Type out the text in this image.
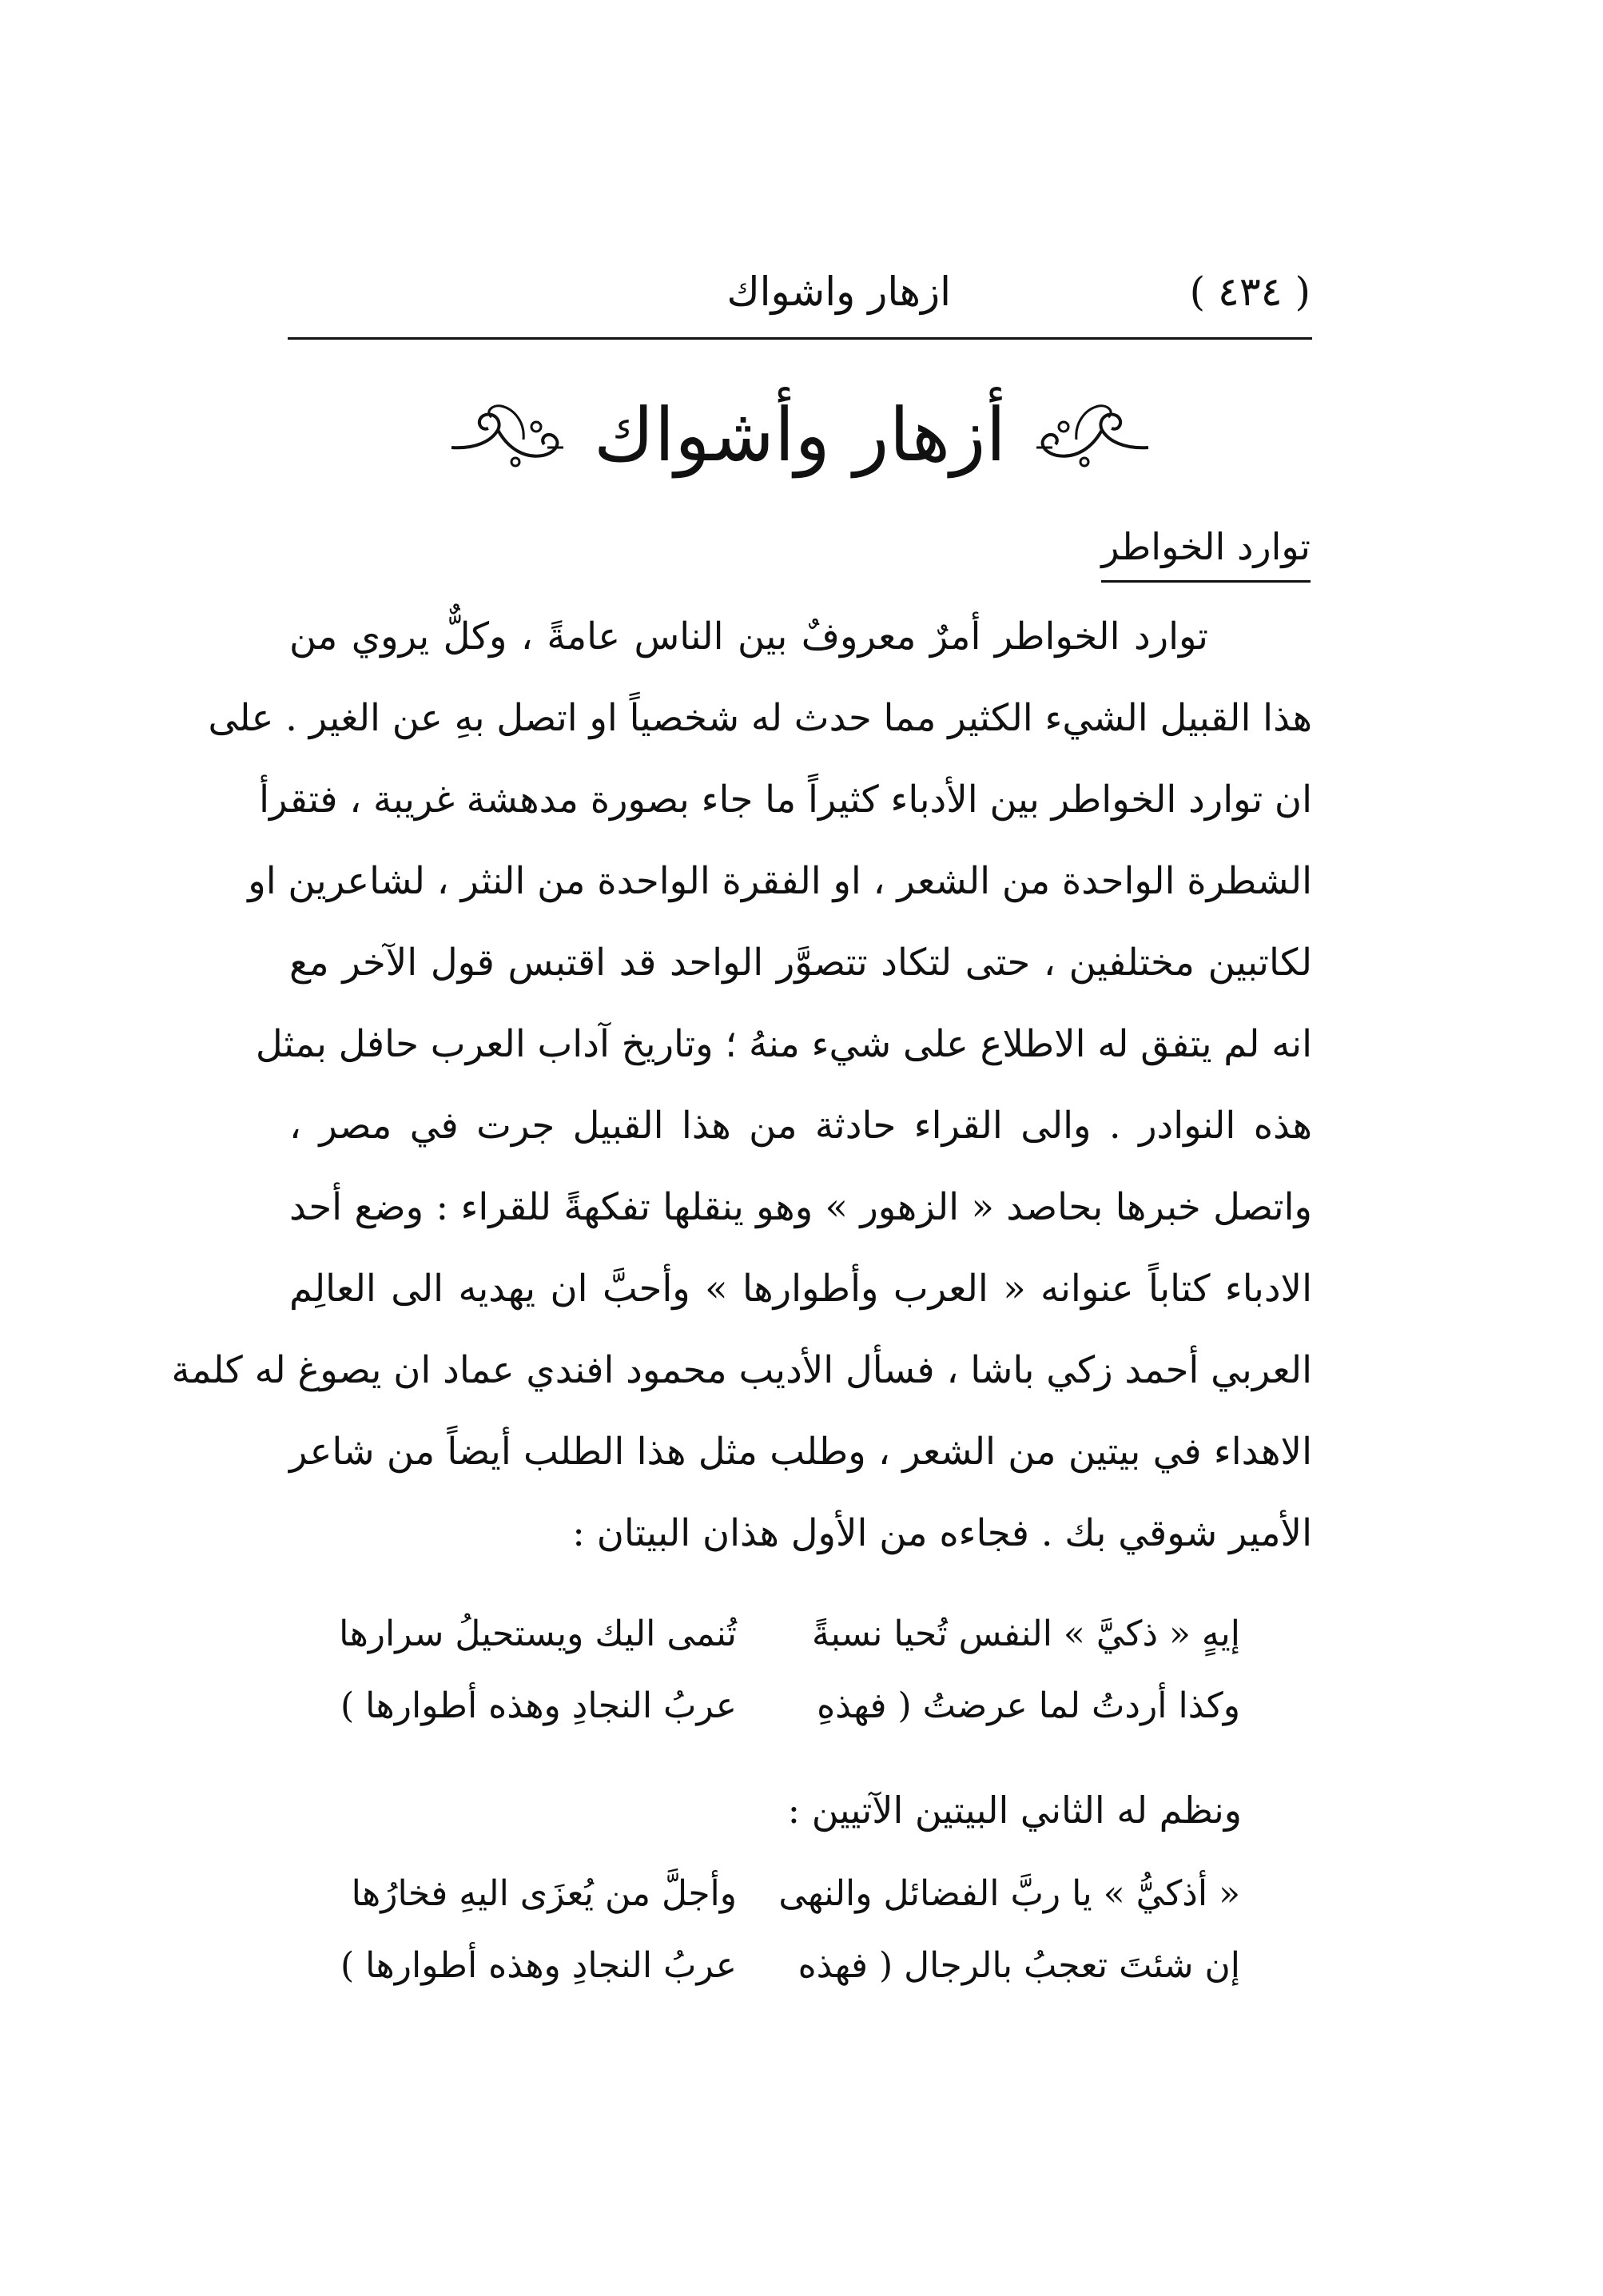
( ٤٣٤ )
ازهار واشواك
أزهار وأشواك
توارد الخواطر
توارد الخواطر أمرٌ معروفٌ بين الناس عامةً ، وكلٌّ يروي من
هذا القبيل الشيء الكثير مما حدث له شخصياً او اتصل بهِ عن الغير . على
ان توارد الخواطر بين الأدباء كثيراً ما جاء بصورة مدهشة غريبة ، فتقرأ
الشطرة الواحدة من الشعر ، او الفقرة الواحدة من النثر ، لشاعرين او
لكاتبين مختلفين ، حتى لتكاد تتصوَّر الواحد قد اقتبس قول الآخر مع
انه لم يتفق له الاطلاع على شيء منهُ ؛ وتاريخ آداب العرب حافل بمثل
هذه النوادر . والى القراء حادثة من هذا القبيل جرت في مصر ،
واتصل خبرها بحاصد « الزهور » وهو ينقلها تفكهةً للقراء : وضع أحد
الادباء كتاباً عنوانه « العرب وأطوارها » وأحبَّ ان يهديه الى العالِم
العربي أحمد زكي باشا ، فسأل الأديب محمود افندي عماد ان يصوغ له كلمة
الاهداء في بيتين من الشعر ، وطلب مثل هذا الطلب أيضاً من شاعر
الأمير شوقي بك . فجاءه من الأول هذان البيتان :
إيهٍ « ذكيَّ » النفس تُحيا نسبةً
تُنمى اليك ويستحيلُ سرارها
وكذا أردتُ لما عرضتُ ( فهذهِ
عربُ النجادِ وهذه أطوارها )
ونظم له الثاني البيتين الآتيين :
« أذكيُّ » يا ربَّ الفضائل والنهى
وأجلَّ من يُعزَى اليهِ فخارُها
إن شئتَ تعجبُ بالرجال ( فهذه
عربُ النجادِ وهذه أطوارها )
